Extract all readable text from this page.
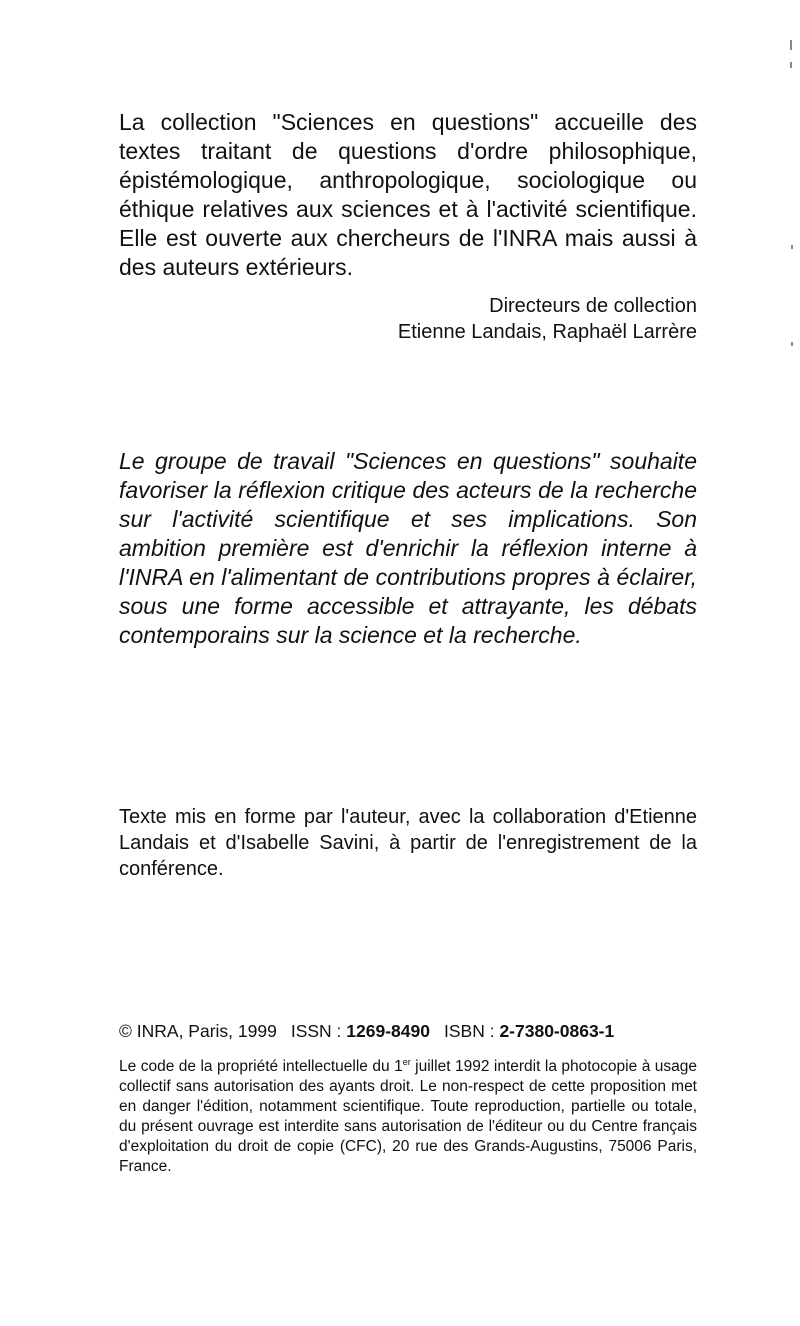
La collection "Sciences en questions" accueille des textes traitant de questions d'ordre philosophique, épistémologique, anthropologique, sociologique ou éthique relatives aux sciences et à l'activité scientifique. Elle est ouverte aux chercheurs de l'INRA mais aussi à des auteurs extérieurs.
Directeurs de collection
Etienne Landais, Raphaël Larrère
Le groupe de travail "Sciences en questions" souhaite favoriser la réflexion critique des acteurs de la recherche sur l'activité scientifique et ses implications. Son ambition première est d'enrichir la réflexion interne à l'INRA en l'alimentant de contributions propres à éclairer, sous une forme accessible et attrayante, les débats contemporains sur la science et la recherche.
Texte mis en forme par l'auteur, avec la collaboration d'Etienne Landais et d'Isabelle Savini, à partir de l'enregistrement de la conférence.
© INRA, Paris, 1999 ISSN : 1269-8490 ISBN : 2-7380-0863-1
Le code de la propriété intellectuelle du 1er juillet 1992 interdit la photocopie à usage collectif sans autorisation des ayants droit. Le non-respect de cette proposition met en danger l'édition, notamment scientifique. Toute reproduction, partielle ou totale, du présent ouvrage est interdite sans autorisation de l'éditeur ou du Centre français d'exploitation du droit de copie (CFC), 20 rue des Grands-Augustins, 75006 Paris, France.
